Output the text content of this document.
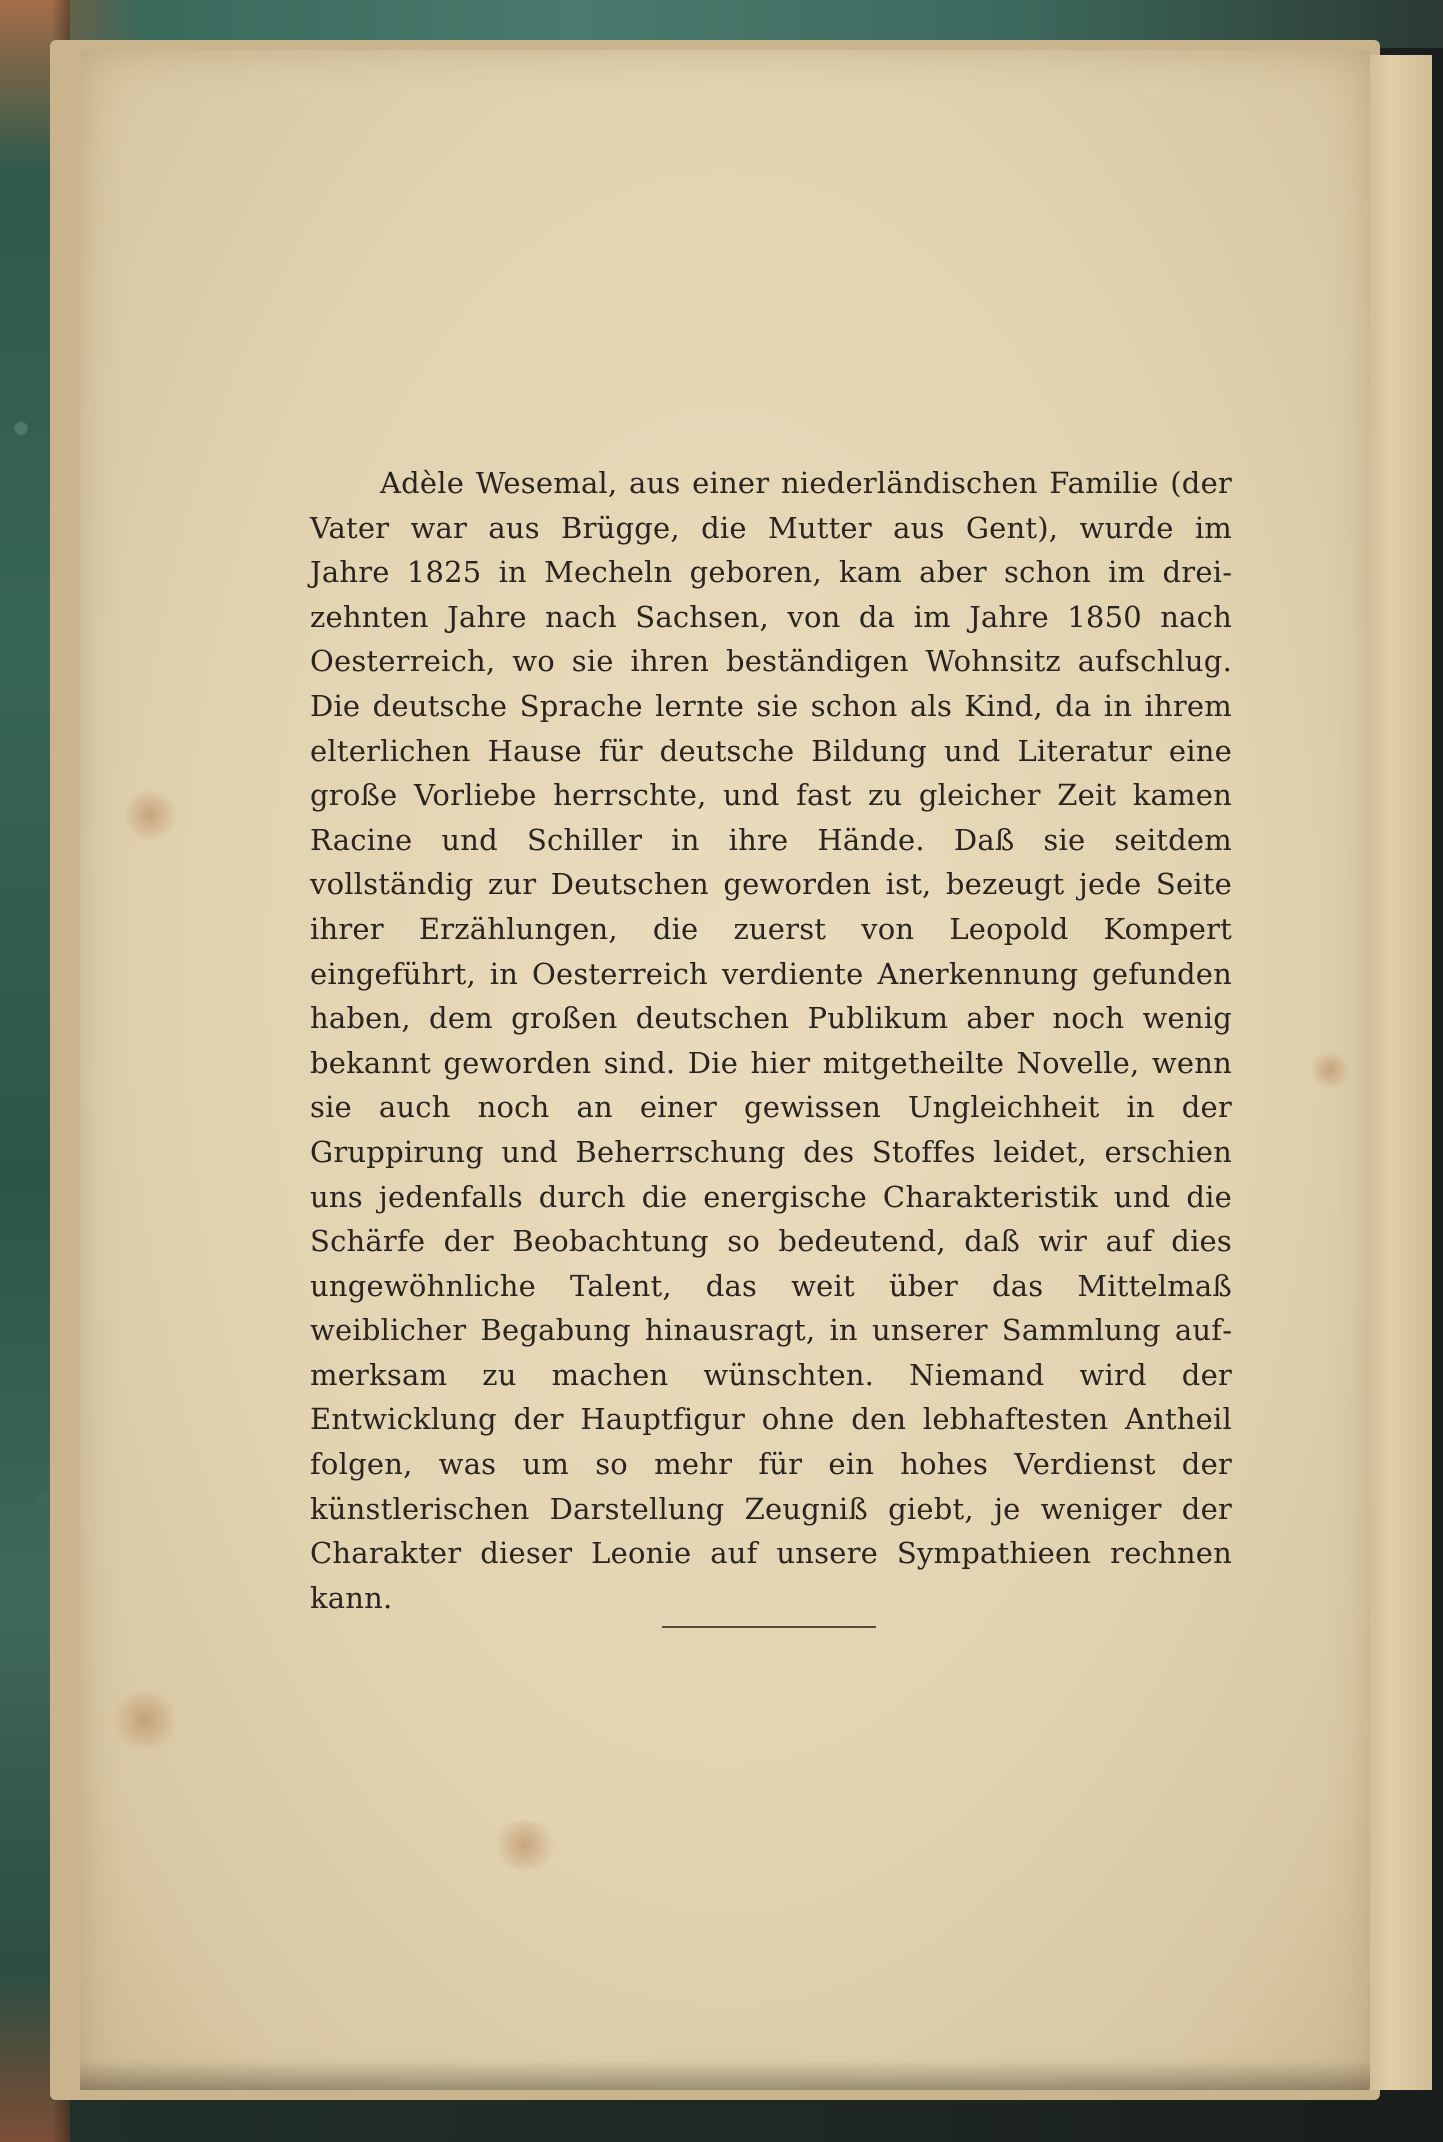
Adèle Wesemal, aus einer niederländischen Familie (der Vater war aus Brügge, die Mutter aus Gent), wurde im Jahre 1825 in Mecheln geboren, kam aber schon im dreizehnten Jahre nach Sachsen, von da im Jahre 1850 nach Oesterreich, wo sie ihren beständigen Wohnsitz aufschlug. Die deutsche Sprache lernte sie schon als Kind, da in ihrem elterlichen Hause für deutsche Bildung und Literatur eine große Vorliebe herrschte, und fast zu gleicher Zeit kamen Racine und Schiller in ihre Hände. Daß sie seitdem vollständig zur Deutschen geworden ist, bezeugt jede Seite ihrer Erzählungen, die zuerst von Leopold Kompert eingeführt, in Oesterreich verdiente Anerkennung gefunden haben, dem großen deutschen Publikum aber noch wenig bekannt geworden sind. Die hier mitgetheilte Novelle, wenn sie auch noch an einer gewissen Ungleichheit in der Gruppirung und Beherrschung des Stoffes leidet, erschien uns jedenfalls durch die energische Charakteristik und die Schärfe der Beobachtung so bedeutend, daß wir auf dies ungewöhnliche Talent, das weit über das Mittelmaß weiblicher Begabung hinausragt, in unserer Sammlung aufmerksam zu machen wünschten. Niemand wird der Entwicklung der Hauptfigur ohne den lebhaftesten Antheil folgen, was um so mehr für ein hohes Verdienst der künstlerischen Darstellung Zeugniß giebt, je weniger der Charakter dieser Leonie auf unsere Sympathieen rechnen kann.
